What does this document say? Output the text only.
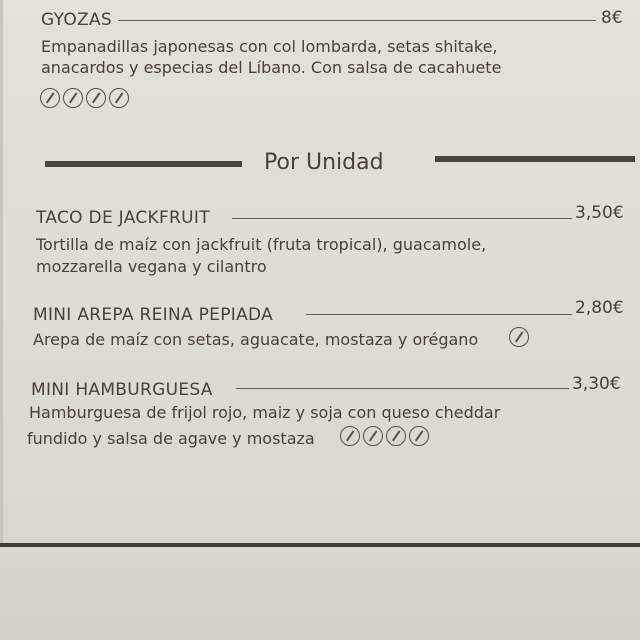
GYOZAS	8€
Empanadillas japonesas con col lombarda, setas shitake,
anacardos y especias del Líbano. Con salsa de cacahuete
Por Unidad
TACO DE JACKFRUIT	3,50€
Tortilla de maíz con jackfruit (fruta tropical), guacamole,
mozzarella vegana y cilantro
MINI AREPA REINA PEPIADA	2,80€
Arepa de maíz con setas, aguacate, mostaza y orégano
MINI HAMBURGUESA	3,30€
Hamburguesa de frijol rojo, maiz y soja con queso cheddar
fundido y salsa de agave y mostaza
